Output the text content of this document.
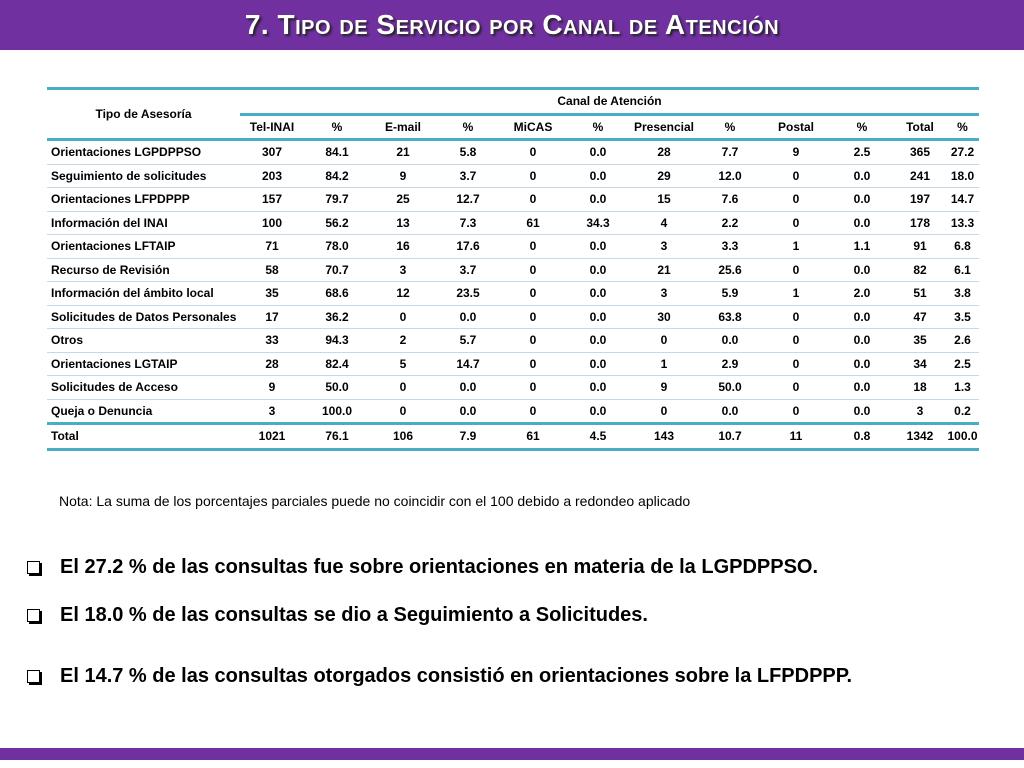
7. Tipo de Servicio por Canal de Atención
Tipo de Asesoría	Canal de Atención											
	Tel-INAI	%	E-mail	%	MiCAS	%	Presencial	%	Postal	%	Total	%
Orientaciones LGPDPPSO	307	84.1	21	5.8	0	0.0	28	7.7	9	2.5	365	27.2
Seguimiento de solicitudes	203	84.2	9	3.7	0	0.0	29	12.0	0	0.0	241	18.0
Orientaciones LFPDPPP	157	79.7	25	12.7	0	0.0	15	7.6	0	0.0	197	14.7
Información del INAI	100	56.2	13	7.3	61	34.3	4	2.2	0	0.0	178	13.3
Orientaciones LFTAIP	71	78.0	16	17.6	0	0.0	3	3.3	1	1.1	91	6.8
Recurso de Revisión	58	70.7	3	3.7	0	0.0	21	25.6	0	0.0	82	6.1
Información del ámbito local	35	68.6	12	23.5	0	0.0	3	5.9	1	2.0	51	3.8
Solicitudes de Datos Personales	17	36.2	0	0.0	0	0.0	30	63.8	0	0.0	47	3.5
Otros	33	94.3	2	5.7	0	0.0	0	0.0	0	0.0	35	2.6
Orientaciones LGTAIP	28	82.4	5	14.7	0	0.0	1	2.9	0	0.0	34	2.5
Solicitudes de Acceso	9	50.0	0	0.0	0	0.0	9	50.0	0	0.0	18	1.3
Queja o Denuncia	3	100.0	0	0.0	0	0.0	0	0.0	0	0.0	3	0.2
Total	1021	76.1	106	7.9	61	4.5	143	10.7	11	0.8	1342	100.0
Nota: La suma de los porcentajes parciales puede no coincidir con el 100 debido a redondeo aplicado
El 27.2 % de las consultas fue sobre orientaciones en materia de la LGPDPPSO.
El 18.0 % de las consultas se dio a Seguimiento a Solicitudes.
El 14.7 % de las consultas otorgados consistió en orientaciones sobre la LFPDPPP.
